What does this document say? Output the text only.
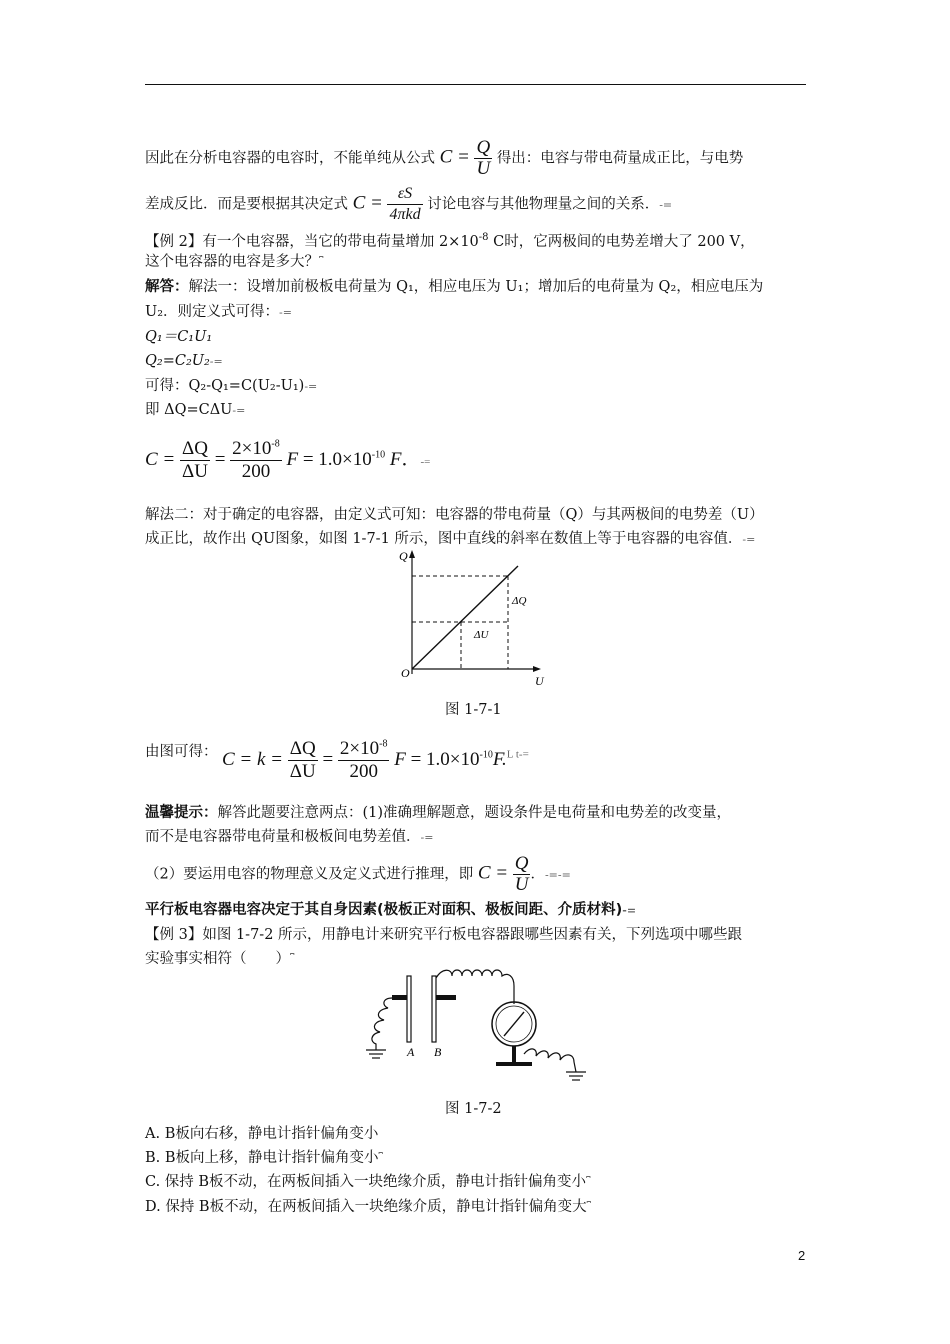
因此在分析电容器的电容时，不能单纯从公式 $C = \frac{Q}{U}$ 得出：电容与带电荷量成正比，与电势
差成反比．而是要根据其决定式 $C = \frac{\varepsilon S}{\text{4πkd}}$ 讨论电容与其他物理量之间的关系．-=
【例 2】有一个电容器，当它的带电荷量增加 $2\times 10^{-8}$ C时，它两极间的电势差增大了 200 V，
这个电容器的电容是多大？⎴
解答：解法一：设增加前极板电荷量为 Q₁，相应电压为 U₁；增加后的电荷量为 Q₂，相应电压为
U₂．则定义式可得：-=
Q₁＝C₁U₁
Q₂=C₂U₂-=
可得：Q₂-Q₁=C(U₂-U₁)-=
即 ΔQ=CΔU-=
$C = \frac{\Delta Q}{\Delta U} = \frac{2\times 10^{-8}}{200}$ $F = 1.0\times 10^{-10}$ F．-=
解法二：对于确定的电容器，由定义式可知：电容器的带电荷量（Q）与其两极间的电势差（U）
成正比，故作出 QU图象，如图 1-7-1 所示，图中直线的斜率在数值上等于电容器的电容值．-=
Q
U
O
ΔQ
ΔU
图 1-7-1
由图可得： $C = k = \frac{\Delta Q}{\Delta U} = \frac{2\times 10^{-8}}{200}$ $F = 1.0\times 10^{-10}F.^{L t-=}$
温馨提示：解答此题要注意两点：(1)准确理解题意，题设条件是电荷量和电势差的改变量，
而不是电容器带电荷量和极板间电势差值．-=
（2）要运用电容的物理意义及定义式进行推理，即 $C = \frac{Q}{U}$ ．-=-=
平行板电容器电容决定于其自身因素(极板正对面积、极板间距、介质材料)-=
【例 3】如图 1-7-2 所示，用静电计来研究平行板电容器跟哪些因素有关，下列选项中哪些跟
实验事实相符（　　）⎴
A B
图 1-7-2
A. B板向右移，静电计指针偏角变小
B. B板向上移，静电计指针偏角变小⎴
C. 保持 B板不动，在两板间插入一块绝缘介质，静电计指针偏角变小⎴
D. 保持 B板不动，在两板间插入一块绝缘介质，静电计指针偏角变大⎴
2
